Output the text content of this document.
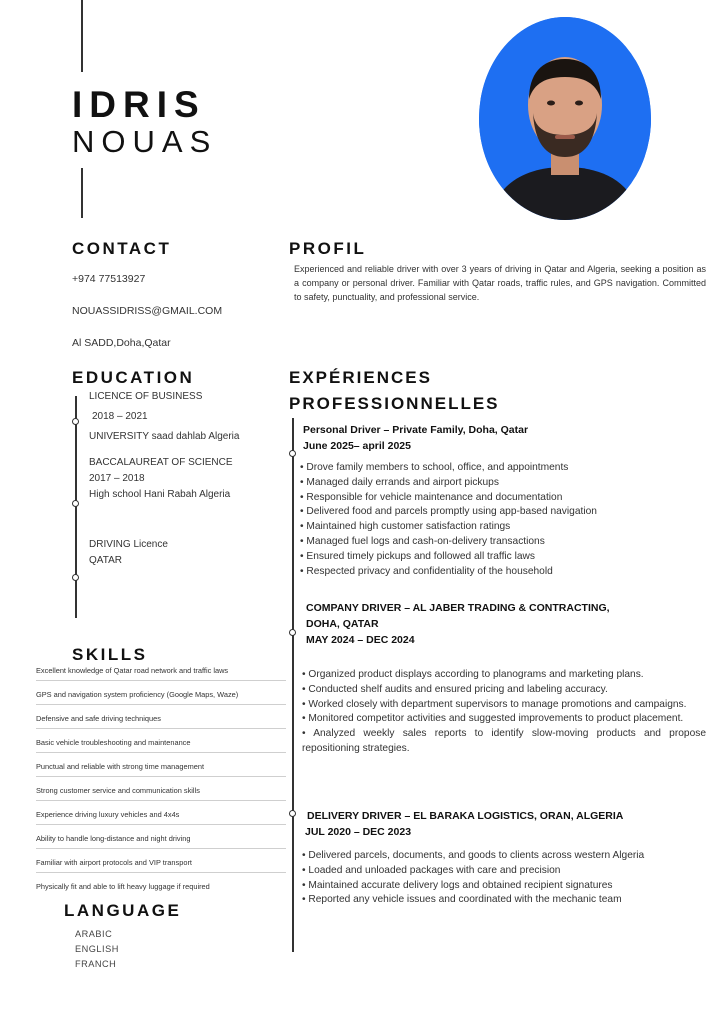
IDRIS
NOUAS
CONTACT
+974 77513927
NOUASSIDRISS@GMAIL.COM
Al SADD,Doha,Qatar
PROFIL
Experienced and reliable driver with over 3 years of driving in Qatar and Algeria, seeking a position as a company or personal driver. Familiar with Qatar roads, traffic rules, and GPS navigation. Committed to safety, punctuality, and professional service.
EDUCATION
LICENCE OF BUSINESS
2018 – 2021
UNIVERSITY saad dahlab Algeria
BACCALAUREAT OF SCIENCE
2017 – 2018
High school Hani Rabah Algeria
DRIVING Licence
QATAR
SKILLS
Excellent knowledge of Qatar road network and traffic laws
GPS and navigation system proficiency (Google Maps, Waze)
Defensive and safe driving techniques
Basic vehicle troubleshooting and maintenance
Punctual and reliable with strong time management
Strong customer service and communication skills
Experience driving luxury vehicles and 4x4s
Ability to handle long-distance and night driving
Familiar with airport protocols and VIP transport
Physically fit and able to lift heavy luggage if required
LANGUAGE
ARABIC
ENGLISH
FRANCH
EXPÉRIENCES
PROFESSIONNELLES
Personal Driver – Private Family, Doha, Qatar
June 2025– april 2025
• Drove family members to school, office, and appointments
• Managed daily errands and airport pickups
• Responsible for vehicle maintenance and documentation
• Delivered food and parcels promptly using app-based navigation
• Maintained high customer satisfaction ratings
• Managed fuel logs and cash-on-delivery transactions
• Ensured timely pickups and followed all traffic laws
• Respected privacy and confidentiality of the household
COMPANY DRIVER – AL JABER TRADING & CONTRACTING,
DOHA, QATAR
MAY 2024 – DEC 2024
• Organized product displays according to planograms and marketing plans.
• Conducted shelf audits and ensured pricing and labeling accuracy.
• Worked closely with department supervisors to manage promotions and campaigns.
• Monitored competitor activities and suggested improvements to product placement.
• Analyzed weekly sales reports to identify slow-moving products and propose repositioning strategies.
DELIVERY DRIVER – EL BARAKA LOGISTICS, ORAN, ALGERIA
JUL 2020 – DEC 2023
• Delivered parcels, documents, and goods to clients across western Algeria
• Loaded and unloaded packages with care and precision
• Maintained accurate delivery logs and obtained recipient signatures
• Reported any vehicle issues and coordinated with the mechanic team
